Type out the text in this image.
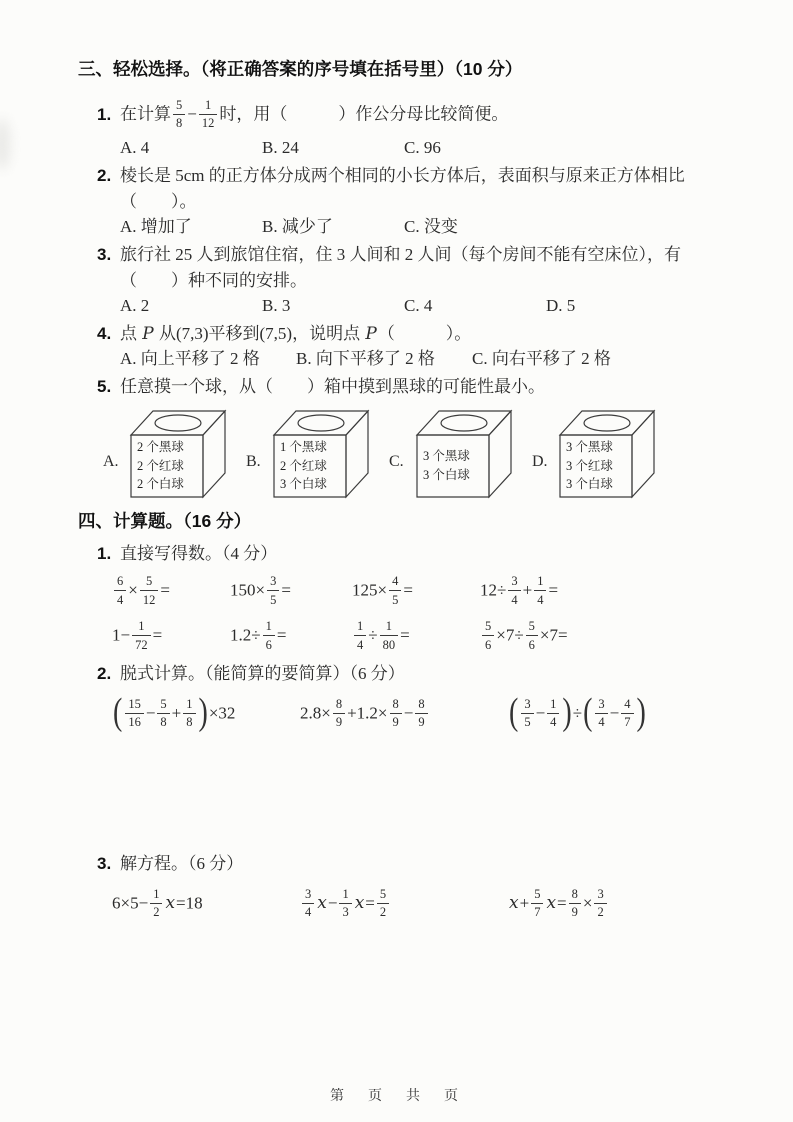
三、轻松选择。（将正确答案的序号填在括号里）（10 分）
1. 在计算 $\frac{5}{8} - \frac{1}{12}$ 时，用（　　　）作公分母比较简便。
A. 4	B. 24	C. 96
2. 棱长是 5cm 的正方体分成两个相同的小长方体后，表面积与原来正方体相比
（　　）。
A. 增加了	B. 减少了	C. 没变
3. 旅行社 25 人到旅馆住宿，住 3 人间和 2 人间（每个房间不能有空床位），有
（　　）种不同的安排。
A. 2	B. 3	C. 4	D. 5
4. 点 P 从(7,3)平移到(7,5)，说明点 P（　　　）。
A. 向上平移了 2 格	B. 向下平移了 2 格	C. 向右平移了 2 格
5. 任意摸一个球，从（　　）箱中摸到黑球的可能性最小。
A.
2 个黑球
2 个红球
2 个白球
B.
1 个黑球
2 个红球
3 个白球
C.	3 个黑球
3 个白球
D.
3 个黑球
3 个红球
3 个白球
四、计算题。（16 分）
1. 直接写得数。（4 分）
$\frac{6}{4} \times \frac{5}{12}$ =	$150\times \frac{3}{5}$ =	$125\times \frac{4}{5}$ =	$12\div \frac{3}{4} + \frac{1}{4}$ =
$1- \frac{1}{72}$ =	$1.2\div \frac{1}{6}$ =	$\frac{1}{4} \div \frac{1}{80}$ =	$\frac{5}{6} \times 7\div \frac{5}{6} \times 7=$
2. 脱式计算。（能简算的要简算）（6 分）
( $\frac{15}{16} - \frac{5}{8} + \frac{1}{8} )\times 32$	$2.8\times \frac{8}{9} +1.2\times \frac{8}{9} - \frac{8}{9}$	( $\frac{3}{5} - \frac{1}{4}$ )÷( $\frac{3}{4} - \frac{4}{7}$ )
3. 解方程。（6 分）
$6\times 5- \frac{1}{2} x=18$	$\frac{3}{4} x- \frac{1}{3} x= \frac{5}{2}$	$x+ \frac{5}{7} x= \frac{8}{9} \times \frac{3}{2}$
第　页　共　页
